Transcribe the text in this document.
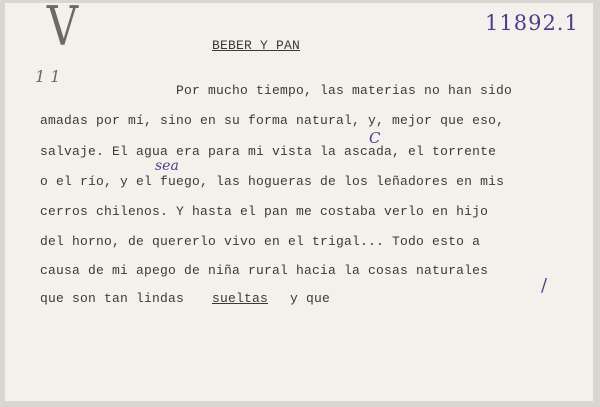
11892.1
V
1 1
BEBER Y PAN
Por mucho tiempo, las materias no han sido
amadas por mí, sino en su forma natural, y, mejor que eso,
salvaje. El agua era para mi vista la ascada, el torrente
o el río, y el fuego, las hogueras de los leñadores en mis
cerros chilenos. Y hasta el pan me costaba verlo en hijo
del horno, de quererlo vivo en el trigal... Todo esto a
causa de mi apego de niña rural hacia la cosas naturales
que son tan lindas sueltas y que
C
sea
/
